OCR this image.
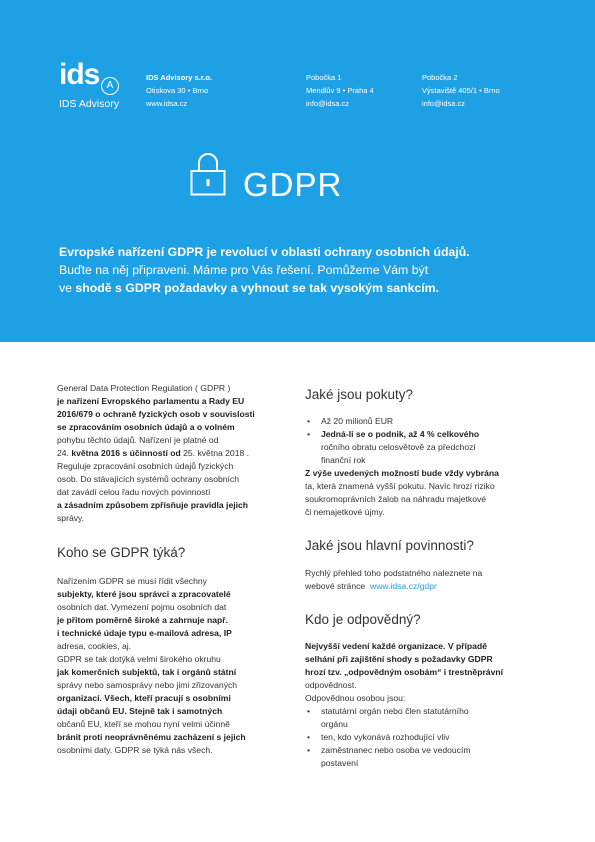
ids A
IDS Advisory
IDS Advisory s.r.o.
Otiskova 30 • Brno
www.idsa.cz
Pobočka 1
Mendlův 9 • Praha 4
info@idsa.cz
Pobočka 2
Výstaviště 405/1 • Brno
info@idsa.cz
GDPR
Evropské nařízení GDPR je revolucí v oblasti ochrany osobních údajů.
Buďte na něj připraveni. Máme pro Vás řešení. Pomůžeme Vám být
ve shodě s GDPR požadavky a vyhnout se tak vysokým sankcím.

General Data Protection Regulation ( GDPR )

je nařízení Evropského parlamentu a Rady EU

2016/679 o ochraně fyzických osob v souvislosti

se zpracováním osobních údajů a o volném

pohybu těchto údajů. Nařízení je platné od

24. května 2016 s účinností od 25. května 2018 .

Reguluje zpracování osobních údajů fyzických

osob. Do stávajících systémů ochrany osobních

dat zavádí celou řadu nových povinností

a zásadním způsobem zpřísňuje pravidla jejich

správy.

Koho se GDPR týká?

Nařízením GDPR se musí řídit všechny

subjekty, které jsou správci a zpracovatelé

osobních dat. Vymezení pojmu osobních dat

je přitom poměrně široké a zahrnuje např.

i technické údaje typu e-mailová adresa, IP

adresa, cookies, aj.

GDPR se tak dotýká velmi širokého okruhu

jak komerčních subjektů, tak i orgánů státní

správy nebo samosprávy nebo jimi zřizovaných

organizací. Všech, kteří pracují s osobními

údaji občanů EU. Stejně tak i samotných

občanů EU, kteří se mohou nyní velmi účinně

bránit proti neoprávněnému zacházení s jejich

osobními daty. GDPR se týká nás všech.

Jaké jsou pokuty?

• Až 20 milionů EUR
• Jedná-li se o podnik, až 4 % celkového
ročního obratu celosvětově za předchozí
finanční rok

Z výše uvedených možností bude vždy vybrána

ta, která znamená vyšší pokutu. Navíc hrozí riziko

soukromoprávních žalob na náhradu majetkové

či nemajetkové újmy.

Jaké jsou hlavní povinnosti?

Rychlý přehled toho podstatného naleznete na

webové stránce www.idsa.cz/gdpr

Kdo je odpovědný?

Nejvyšší vedení každé organizace. V případě

selhání při zajištění shody s požadavky GDPR

hrozí tzv. „odpovědným osobám“ i trestněprávní

odpovědnost.

Odpovědnou osobou jsou:

• statutární orgán nebo člen statutárního
orgánu
• ten, kdo vykonává rozhodující vliv
• zaměstnanec nebo osoba ve vedoucím
postavení
